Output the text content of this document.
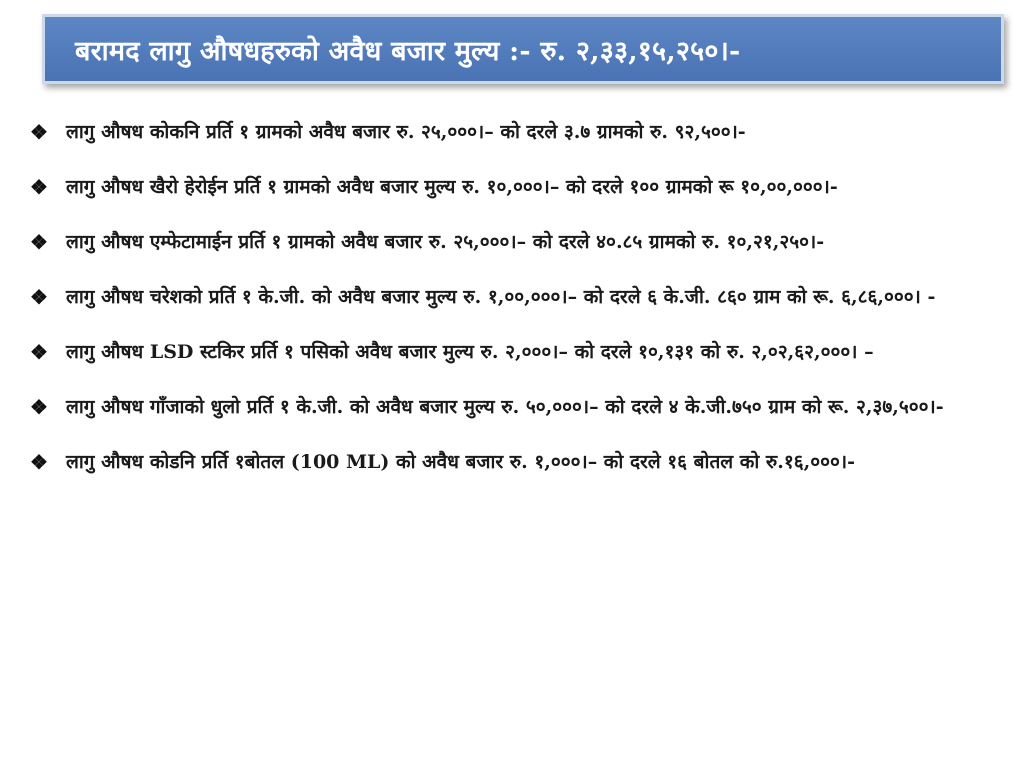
बरामद लागु औषधहरुको अवैध बजार मुल्य :- रु. २,३३,१५,२५०।-
❖ लागु औषध कोकनि प्रर्ति १ ग्रामको अवैध बजार रु. २५,०००।– को दरले ३.७ ग्रामको रु. ९२,५००।-
❖ लागु औषध खैरो हेरोईन प्रर्ति १ ग्रामको अवैध बजार मुल्य रु. १०,०००।– को दरले १०० ग्रामको रू १०,००,०००।-
❖ लागु औषध एम्फेटामाईन प्रर्ति १ ग्रामको अवैध बजार रु. २५,०००।– को दरले ४०.८५ ग्रामको रु. १०,२१,२५०।-
❖ लागु औषध चरेशको प्रर्ति १ के.जी. को अवैध बजार मुल्य रु. १,००,०००।– को दरले ६ के.जी. ८६० ग्राम को रू. ६,८६,०००। -
❖ लागु औषध LSD स्टकिर प्रर्ति १ पसिको अवैध बजार मुल्य रु. २,०००।– को दरले १०,१३१ को रु. २,०२,६२,०००। –
❖ लागु औषध गाँजाको धुलो प्रर्ति १ के.जी. को अवैध बजार मुल्य रु. ५०,०००।– को दरले ४ के.जी.७५० ग्राम को रू. २,३७,५००।-
❖ लागु औषध कोडनि प्रर्ति १बोतल (100 ML) को अवैध बजार रु. १,०००।– को दरले १६ बोतल को रु.१६,०००।-
